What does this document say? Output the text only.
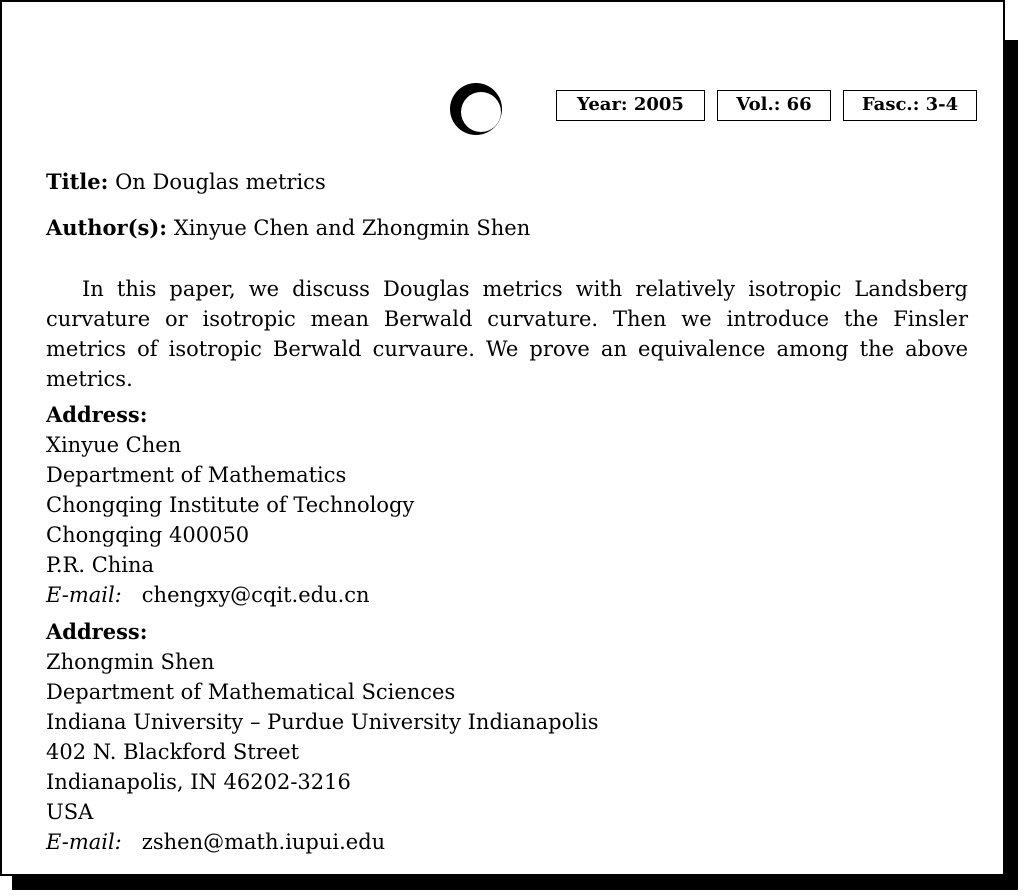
Year: 2005	Vol.: 66	Fasc.: 3-4
Title: On Douglas metrics
Author(s): Xinyue Chen and Zhongmin Shen
In this paper, we discuss Douglas metrics with relatively isotropic Landsberg curvature or isotropic mean Berwald curvature. Then we introduce the Finsler metrics of isotropic Berwald curvaure. We prove an equivalence among the above metrics.
Address:
Xinyue Chen
Department of Mathematics
Chongqing Institute of Technology
Chongqing 400050
P.R. China
E-mail: chengxy@cqit.edu.cn
Address:
Zhongmin Shen
Department of Mathematical Sciences
Indiana University – Purdue University Indianapolis
402 N. Blackford Street
Indianapolis, IN 46202-3216
USA
E-mail: zshen@math.iupui.edu
